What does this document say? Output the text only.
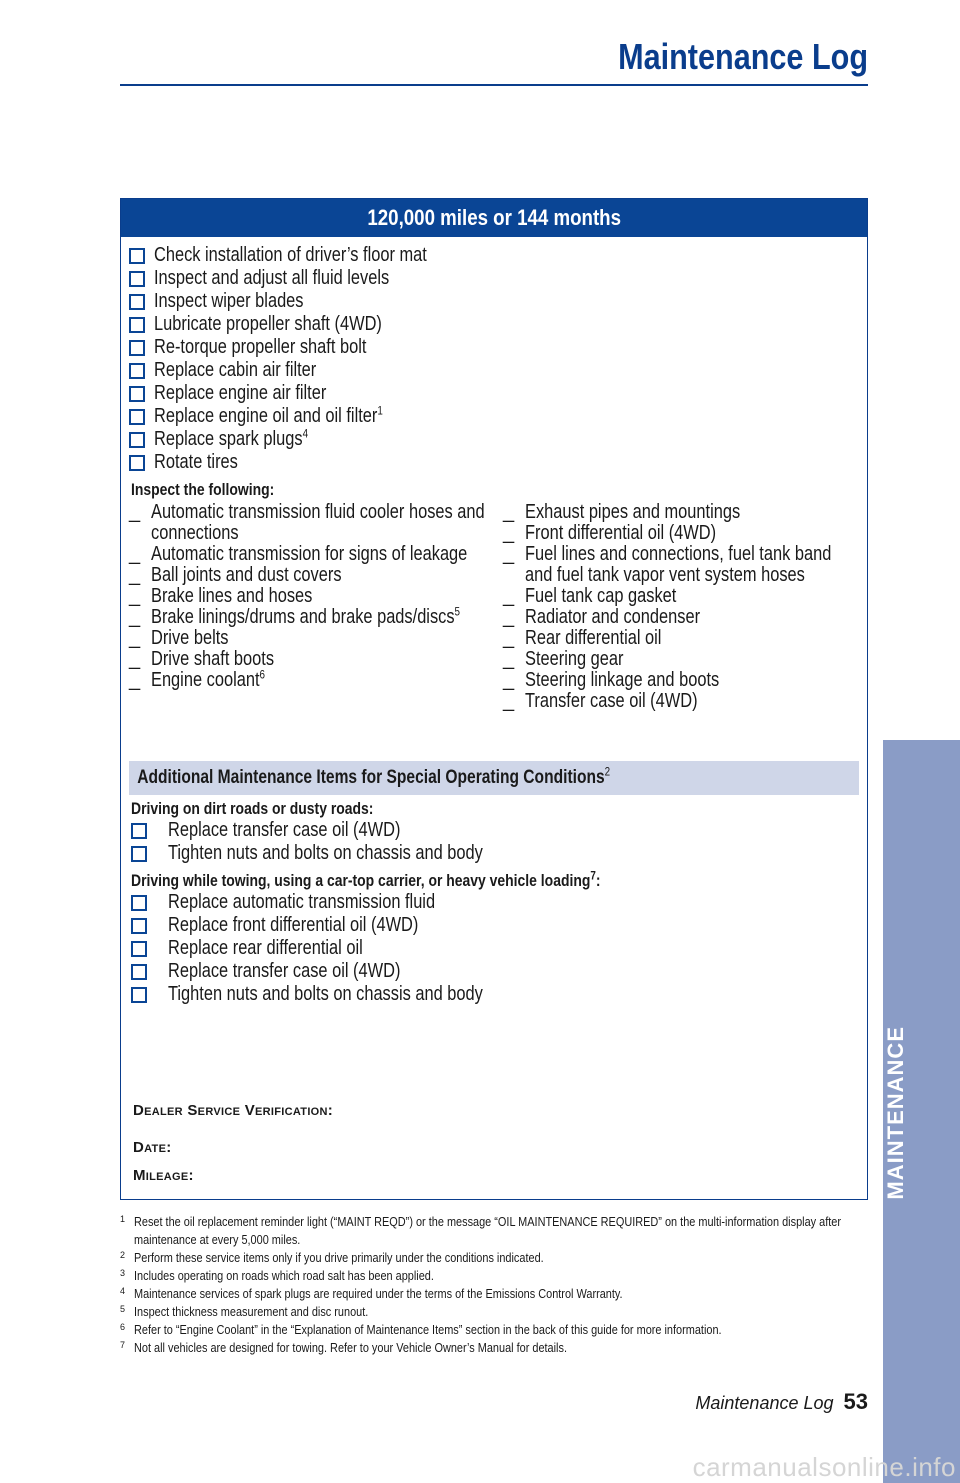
Maintenance Log
120,000 miles or 144 months
Check installation of driver’s floor mat
Inspect and adjust all fluid levels
Inspect wiper blades
Lubricate propeller shaft (4WD)
Re-torque propeller shaft bolt
Replace cabin air filter
Replace engine air filter
Replace engine oil and oil filter$^1$
Replace spark plugs$^4$
Rotate tires
Inspect the following:
_ Automatic transmission fluid cooler hoses and connections
_ Automatic transmission for signs of leakage
_ Ball joints and dust covers
_ Brake lines and hoses
_ Brake linings/drums and brake pads/discs$^5$
_ Drive belts
_ Drive shaft boots
_ Engine coolant$^6$
_ Exhaust pipes and mountings
_ Front differential oil (4WD)
_ Fuel lines and connections, fuel tank band and fuel tank vapor vent system hoses
_ Fuel tank cap gasket
_ Radiator and condenser
_ Rear differential oil
_ Steering gear
_ Steering linkage and boots
_ Transfer case oil (4WD)
Additional Maintenance Items for Special Operating Conditions$^2$
Driving on dirt roads or dusty roads:
Replace transfer case oil (4WD)
Tighten nuts and bolts on chassis and body
Driving while towing, using a car-top carrier, or heavy vehicle loading$^7$:
Replace automatic transmission fluid
Replace front differential oil (4WD)
Replace rear differential oil
Replace transfer case oil (4WD)
Tighten nuts and bolts on chassis and body
Dealer Service Verification:
Date:
Mileage:
1 Reset the oil replacement reminder light (“MAINT REQD”) or the message “OIL MAINTENANCE REQUIRED” on the multi-information display after maintenance at every 5,000 miles.
2 Perform these service items only if you drive primarily under the conditions indicated.
3 Includes operating on roads which road salt has been applied.
4 Maintenance services of spark plugs are required under the terms of the Emissions Control Warranty.
5 Inspect thickness measurement and disc runout.
6 Refer to “Engine Coolant” in the “Explanation of Maintenance Items” section in the back of this guide for more information.
7 Not all vehicles are designed for towing. Refer to your Vehicle Owner’s Manual for details.
MAINTENANCE
Maintenance Log 53
carmanualsonline.info
